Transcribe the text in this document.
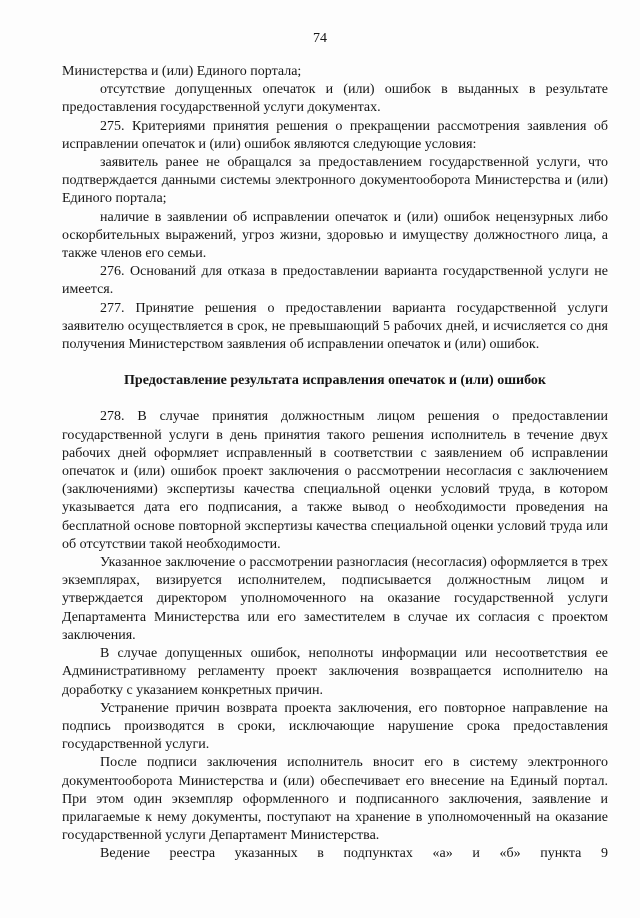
74

Министерства и (или) Единого портала;

отсутствие допущенных опечаток и (или) ошибок в выданных в результате предоставления государственной услуги документах.

275. Критериями принятия решения о прекращении рассмотрения заявления об исправлении опечаток и (или) ошибок являются следующие условия:

заявитель ранее не обращался за предоставлением государственной услуги, что подтверждается данными системы электронного документооборота Министерства и (или) Единого портала;

наличие в заявлении об исправлении опечаток и (или) ошибок нецензурных либо оскорбительных выражений, угроз жизни, здоровью и имуществу должностного лица, а также членов его семьи.

276. Оснований для отказа в предоставлении варианта государственной услуги не имеется.

277. Принятие решения о предоставлении варианта государственной услуги заявителю осуществляется в срок, не превышающий 5 рабочих дней, и исчисляется со дня получения Министерством заявления об исправлении опечаток и (или) ошибок.

Предоставление результата исправления опечаток и (или) ошибок

278. В случае принятия должностным лицом решения о предоставлении государственной услуги в день принятия такого решения исполнитель в течение двух рабочих дней оформляет исправленный в соответствии с заявлением об исправлении опечаток и (или) ошибок проект заключения о рассмотрении несогласия с заключением (заключениями) экспертизы качества специальной оценки условий труда, в котором указывается дата его подписания, а также вывод о необходимости проведения на бесплатной основе повторной экспертизы качества специальной оценки условий труда или об отсутствии такой необходимости.

Указанное заключение о рассмотрении разногласия (несогласия) оформляется в трех экземплярах, визируется исполнителем, подписывается должностным лицом и утверждается директором уполномоченного на оказание государственной услуги Департамента Министерства или его заместителем в случае их согласия с проектом заключения.

В случае допущенных ошибок, неполноты информации или несоответствия ее Административному регламенту проект заключения возвращается исполнителю на доработку с указанием конкретных причин.

Устранение причин возврата проекта заключения, его повторное направление на подпись производятся в сроки, исключающие нарушение срока предоставления государственной услуги.

После подписи заключения исполнитель вносит его в систему электронного документооборота Министерства и (или) обеспечивает его внесение на Единый портал. При этом один экземпляр оформленного и подписанного заключения, заявление и прилагаемые к нему документы, поступают на хранение в уполномоченный на оказание государственной услуги Департамент Министерства.

Ведение реестра указанных в подпунктах «а» и «б» пункта 9
